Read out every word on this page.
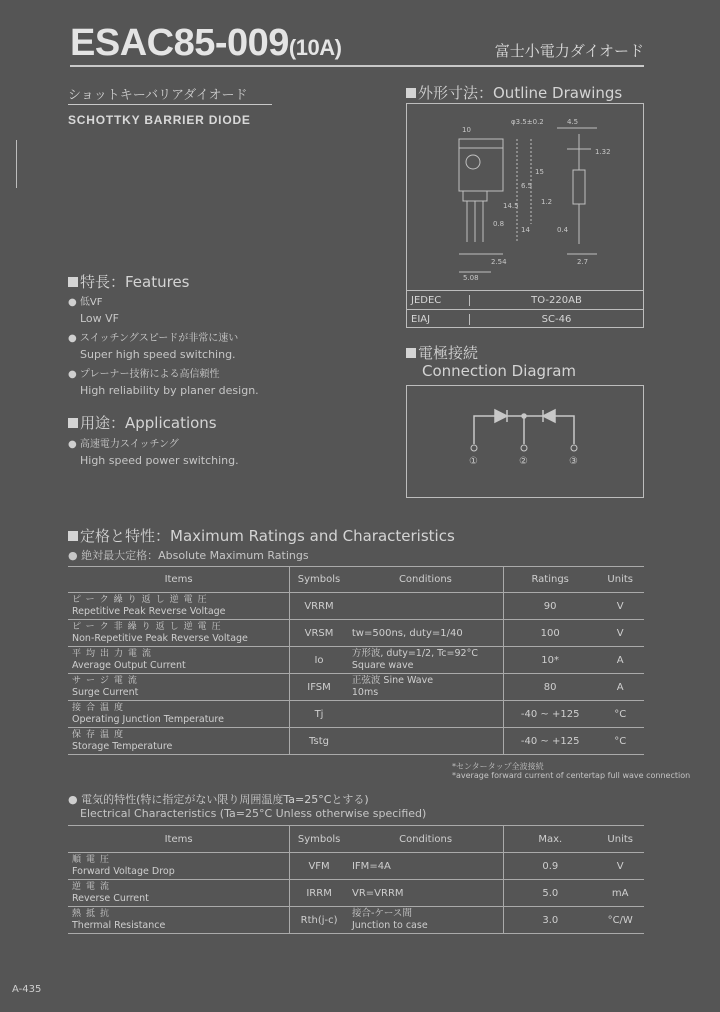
ESAC85-009(10A)	富士小電力ダイオード
ショットキーバリアダイオード
SCHOTTKY BARRIER DIODE
特長：Features
● 低VF
Low VF
● スイッチングスピードが非常に速い
Super high speed switching.
● プレーナー技術による高信頼性
High reliability by planer design.
用途：Applications
● 高速電力スイッチング
High speed power switching.
外形寸法：Outline Drawings
10
φ3.5±0.2	4.5
1.32
15
6.5
14
0.8
2.54	2.7
0.4
5.08
14.5	1.2
JEDEC	TO-220AB
EIAJ	SC-46
電極接続
Connection Diagram
①	②	③
定格と特性：Maximum Ratings and Characteristics
● 絶対最大定格：Absolute Maximum Ratings
Items	Symbols	Conditions	Ratings	Units

ピーク繰り返し逆電圧
Repetitive Peak Reverse Voltage	VRRM		90	V

ピーク非繰り返し逆電圧
Non-Repetitive Peak Reverse Voltage	VRSM	tw=500ns, duty=1/40	100	V

平均出力電流
Average Output Current	Io	方形波, duty=1/2, Tc=92°C
Square wave	10*	A

サージ電流
Surge Current	IFSM	正弦波 Sine Wave
10ms	80	A

接合温度
Operating Junction Temperature	Tj		-40 ~ +125	°C

保存温度
Storage Temperature	Tstg		-40 ~ +125	°C
*センタータップ全波接続
*average forward current of centertap full wave connection
● 電気的特性(特に指定がない限り周囲温度Ta=25°Cとする)
Electrical Characteristics (Ta=25°C Unless otherwise specified)
Items	Symbols	Conditions	Max.	Units

順電圧
Forward Voltage Drop	VFM	IFM=4A	0.9	V

逆電流
Reverse Current	IRRM	VR=VRRM	5.0	mA

熱抵抗
Thermal Resistance	Rth(j-c)	接合-ケース間
Junction to case	3.0	°C/W
A-435
